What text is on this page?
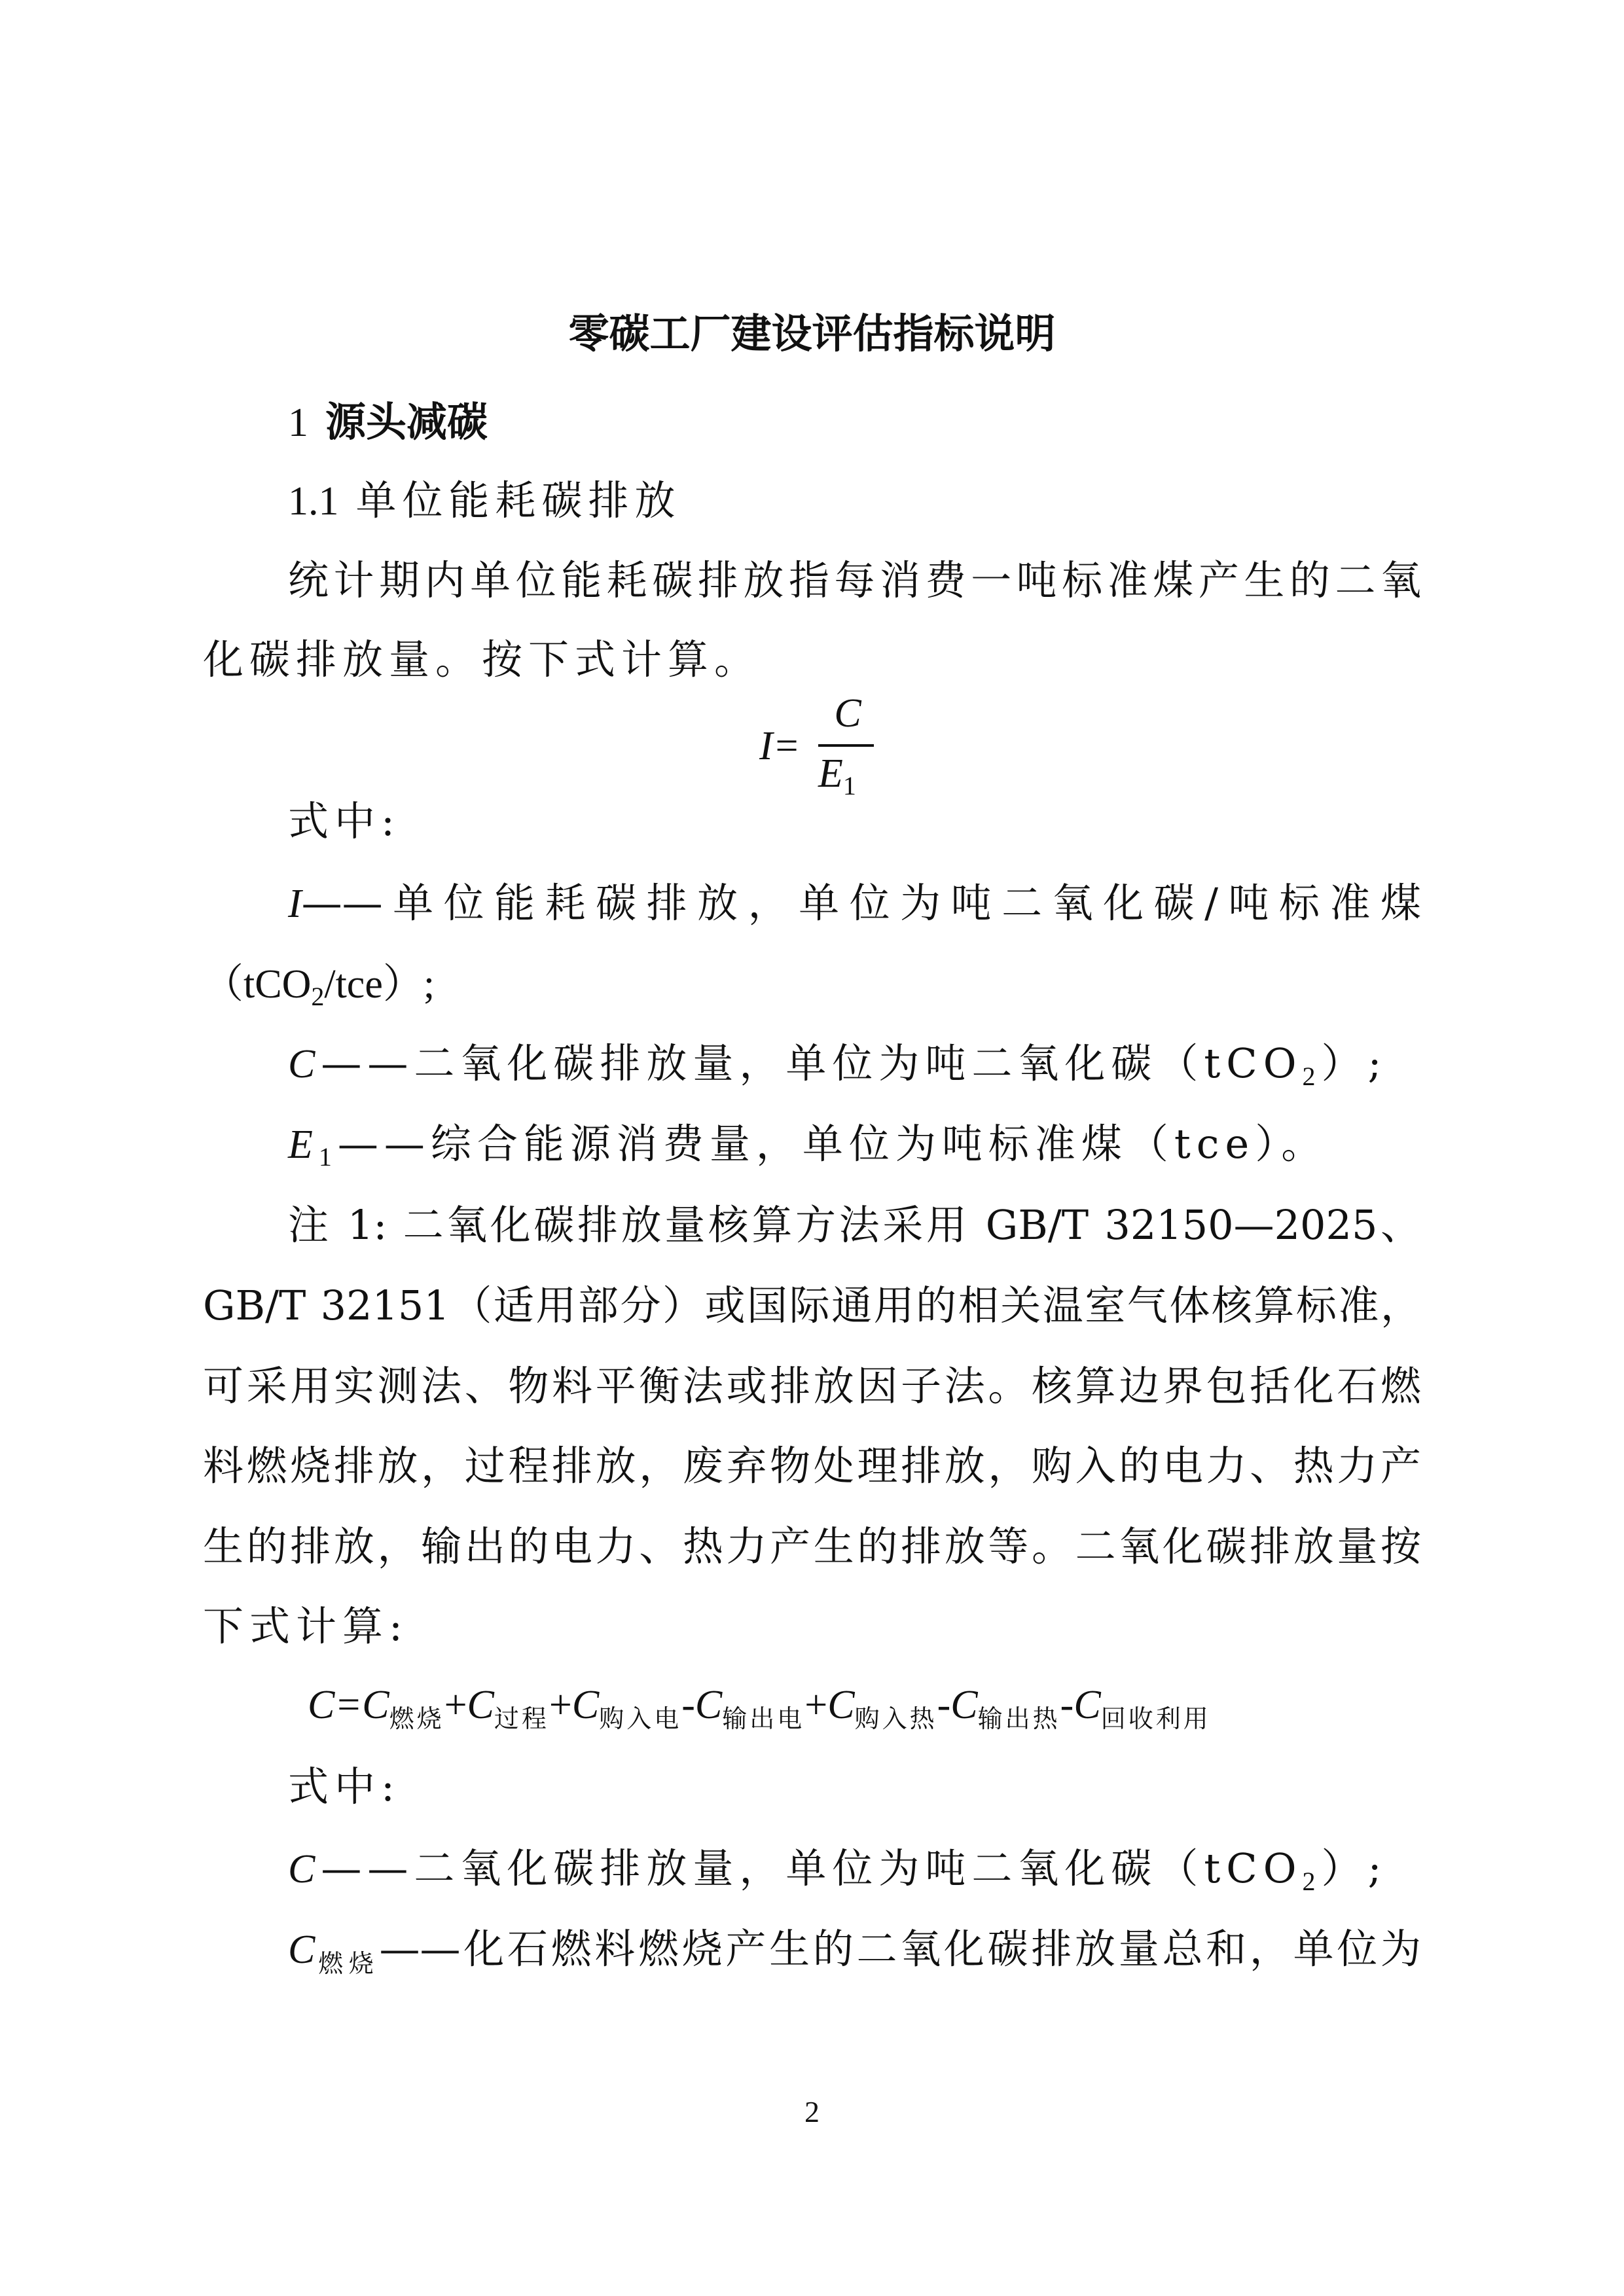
零碳工厂建设评估指标说明
1 源头减碳
1.1 单位能耗碳排放
统计期内单位能耗碳排放指每消费一吨标准煤产生的二氧
化碳排放量。按下式计算。
I=
C
$E_1$
式中:
I——单位能耗碳排放，单位为吨二氧化碳/吨标准煤
（tCO$_2$/tce）;
C——二氧化碳排放量，单位为吨二氧化碳（tCO$_2$）;
$E_1——$综合能源消费量，单位为吨标准煤（tce）。
注 1: 二氧化碳排放量核算方法采用 GB/T 32150—2025、
GB/T 32151（适用部分）或国际通用的相关温室气体核算标准，
可采用实测法、物料平衡法或排放因子法。核算边界包括化石燃
料燃烧排放，过程排放，废弃物处理排放，购入的电力、热力产
生的排放，输出的电力、热力产生的排放等。二氧化碳排放量按
下式计算:
$C=C_{燃烧}+C_{过程}+C_{购入电}-C_{输出电}+C_{购入热}-C_{输出热}-C_{回收利用}$
式中:
C——二氧化碳排放量，单位为吨二氧化碳（tCO$_2$）;
$C_{燃烧}——$化石燃料燃烧产生的二氧化碳排放量总和，单位为
2
